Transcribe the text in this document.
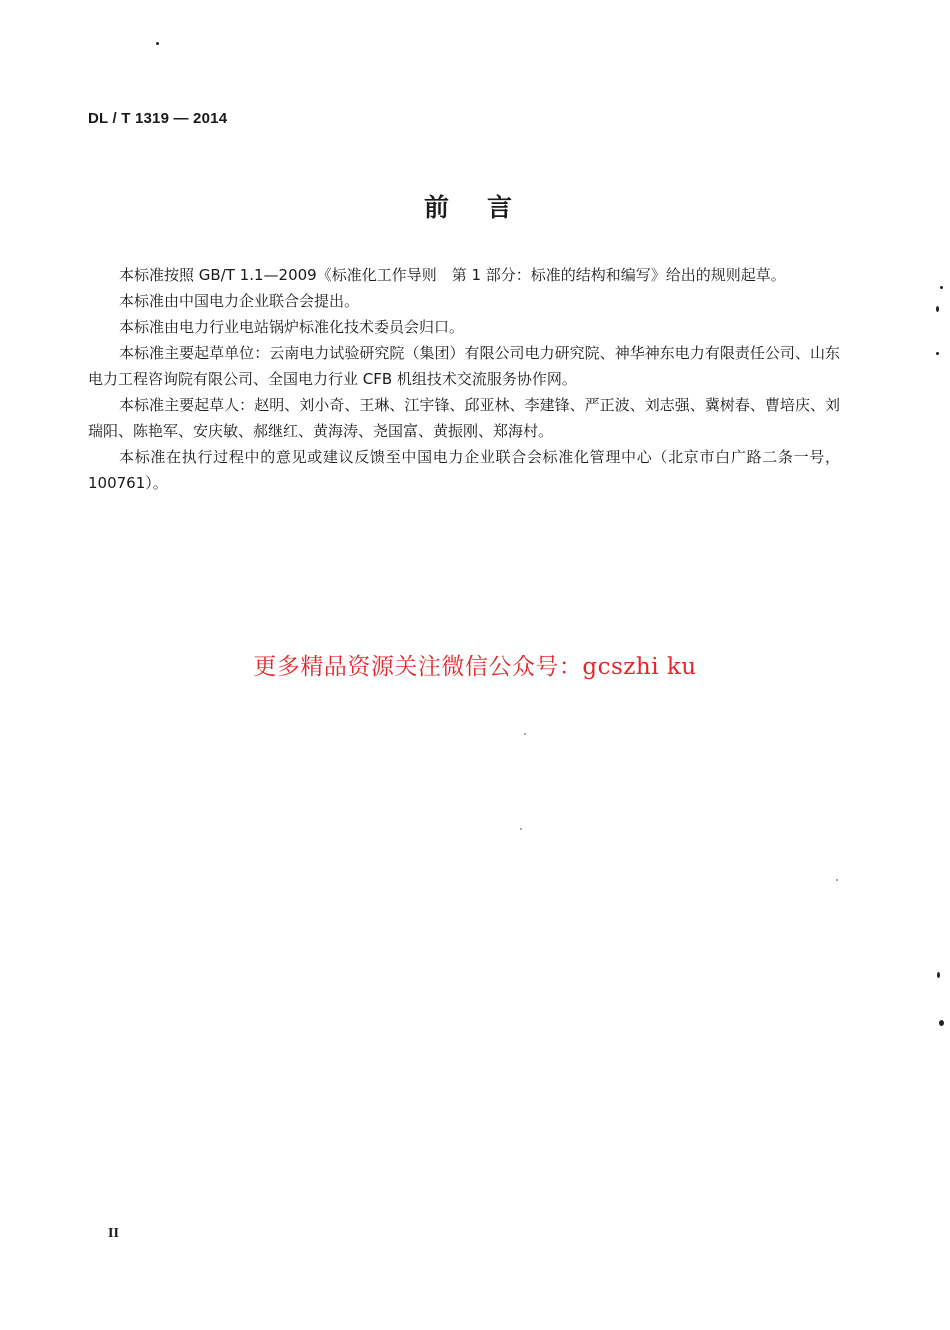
DL / T 1319 — 2014
前言

本标准按照 GB/T 1.1—2009《标准化工作导则　第 1 部分：标准的结构和编写》给出的规则起草。

本标准由中国电力企业联合会提出。

本标准由电力行业电站锅炉标准化技术委员会归口。

本标准主要起草单位：云南电力试验研究院（集团）有限公司电力研究院、神华神东电力有限责任公司、山东电力工程咨询院有限公司、全国电力行业 CFB 机组技术交流服务协作网。

本标准主要起草人：赵明、刘小奇、王琳、江宇锋、邱亚林、李建锋、严正波、刘志强、冀树春、曹培庆、刘瑞阳、陈艳军、安庆敏、郝继红、黄海涛、尧国富、黄振刚、郑海村。

本标准在执行过程中的意见或建议反馈至中国电力企业联合会标准化管理中心（北京市白广路二条一号，100761）。

更多精品资源关注微信公众号：gcszhi ku
II
